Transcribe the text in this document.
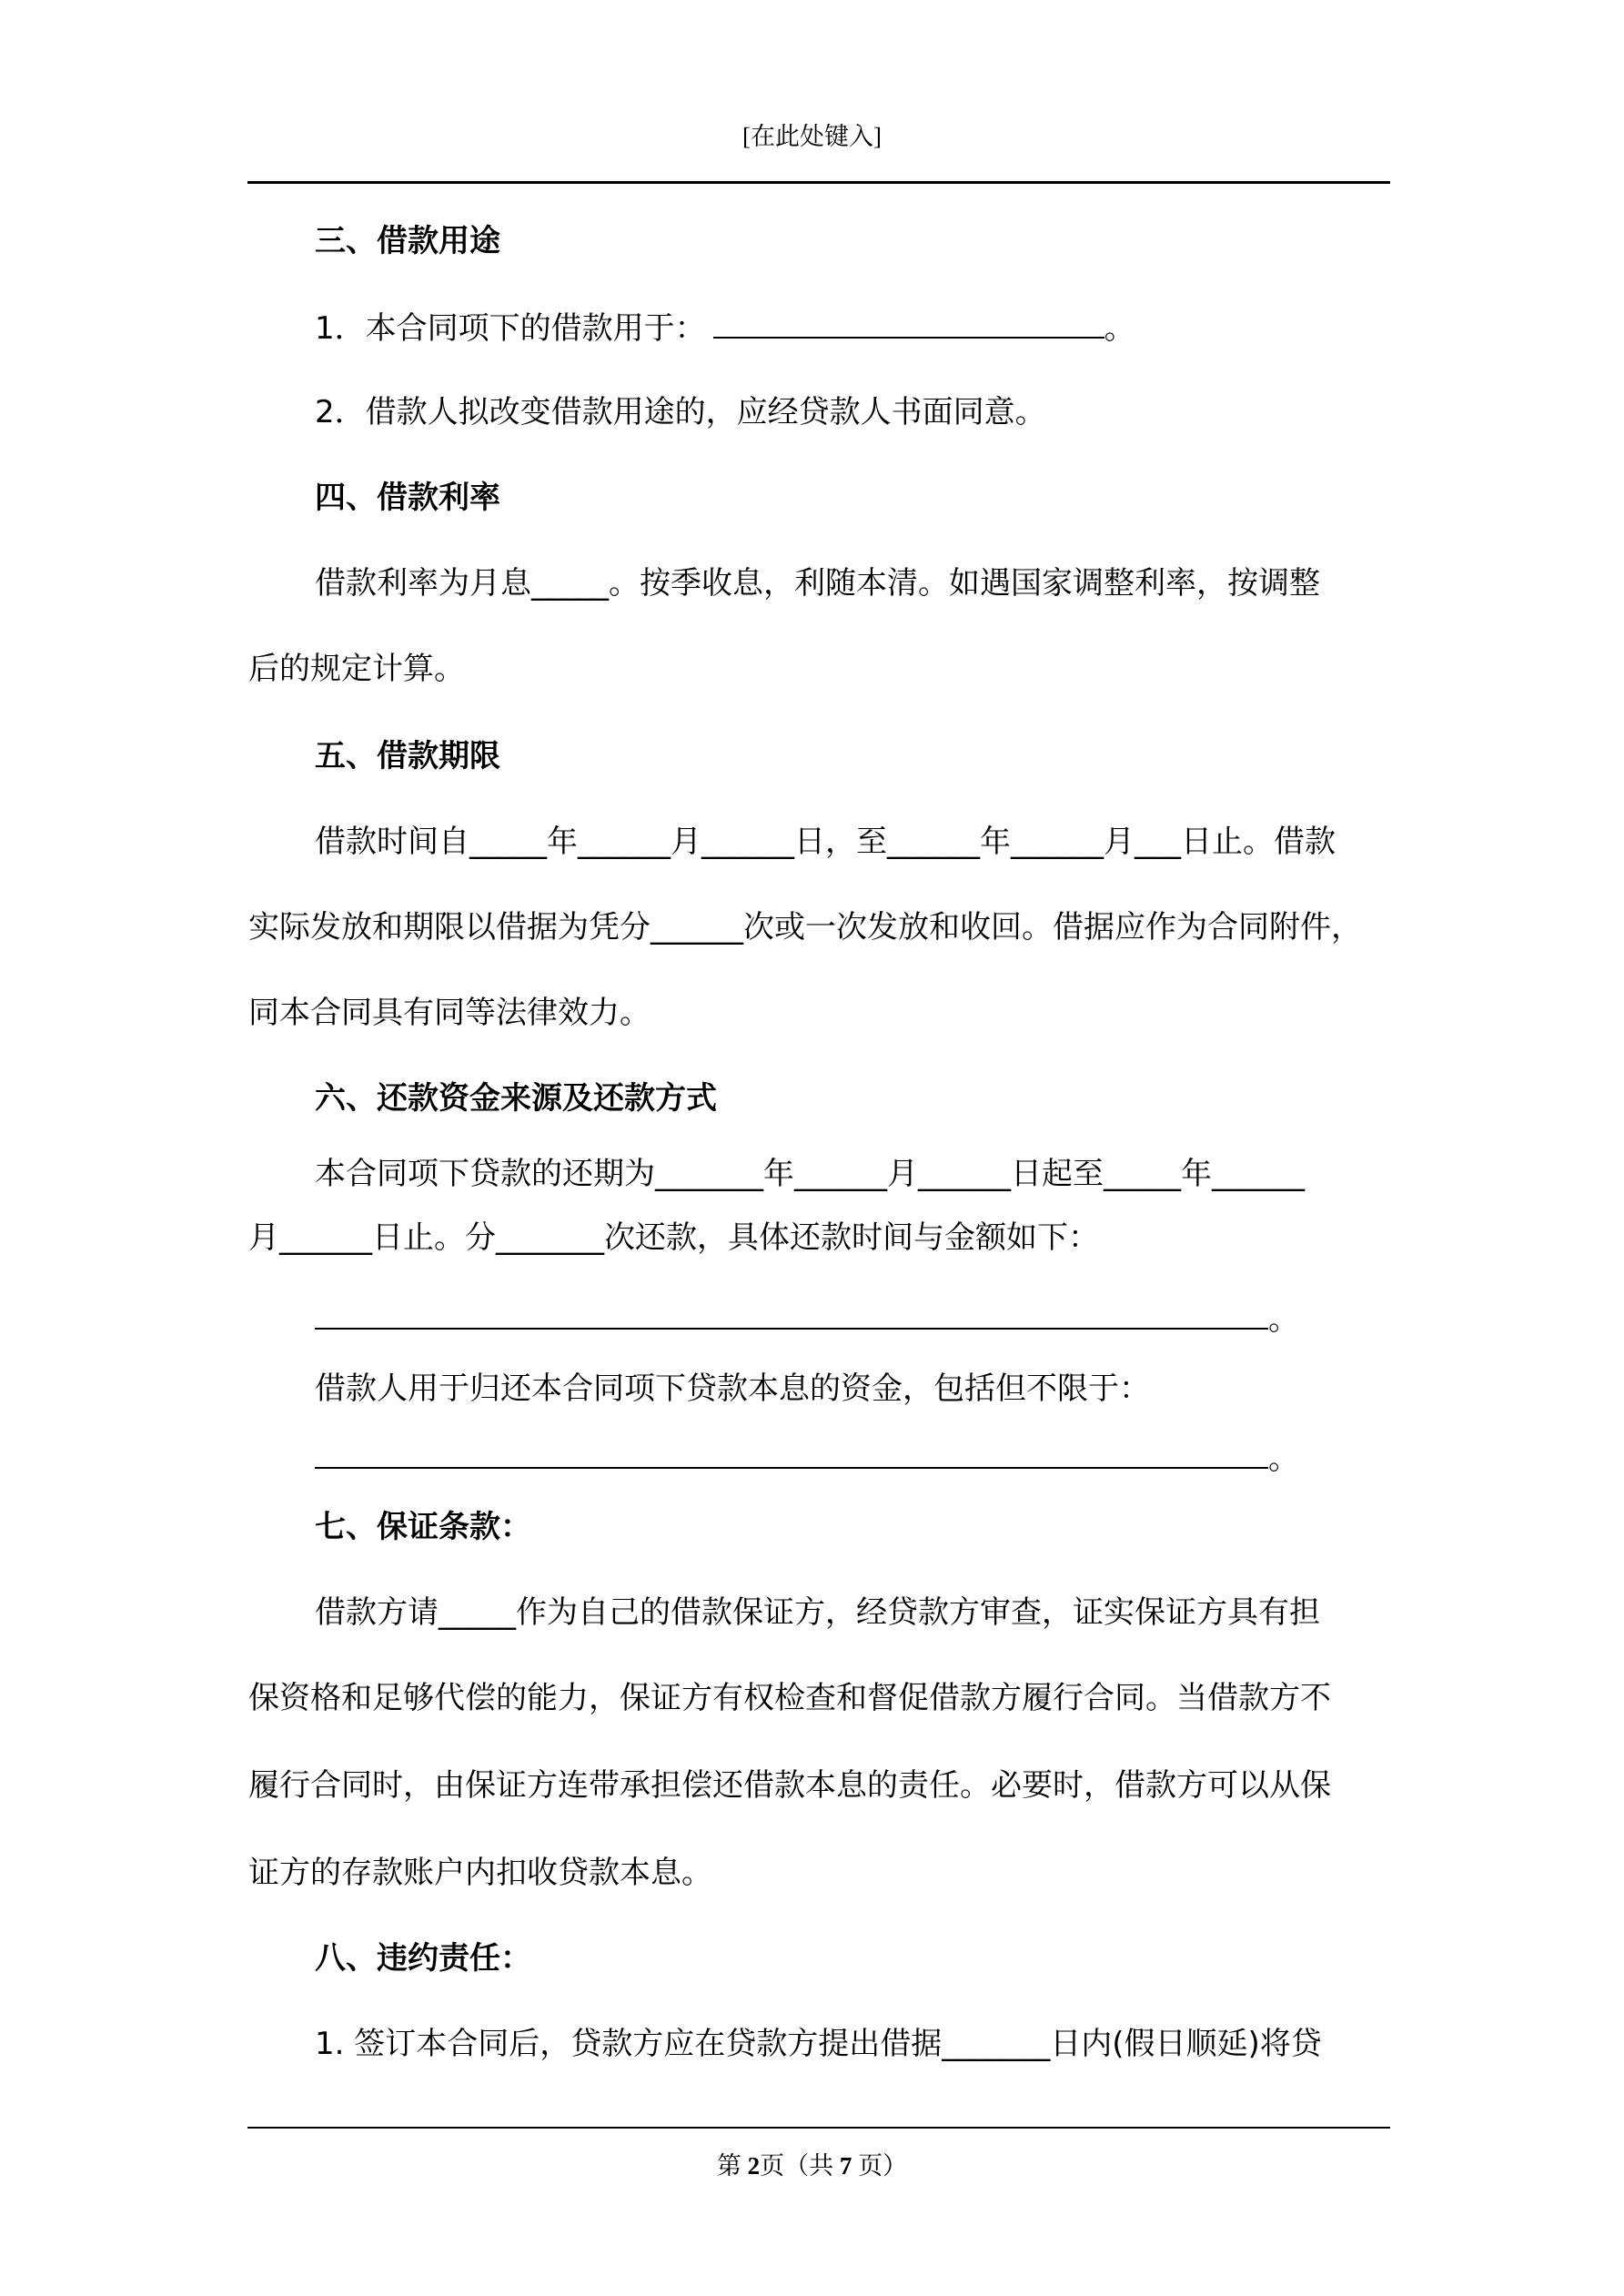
[在此处键入]
三、借款用途
1．本合同项下的借款用于：	。
2．借款人拟改变借款用途的，应经贷款人书面同意。
四、借款利率
借款利率为月息_____。按季收息，利随本清。如遇国家调整利率，按调整
后的规定计算。
五、借款期限
借款时间自_____年______月______日，至______年______月___日止。借款
实际发放和期限以借据为凭分______次或一次发放和收回。借据应作为合同附件，
同本合同具有同等法律效力。
六、还款资金来源及还款方式
本合同项下贷款的还期为_______年______月______日起至_____年______
月______日止。分_______次还款，具体还款时间与金额如下：
。
借款人用于归还本合同项下贷款本息的资金，包括但不限于：
。
七、保证条款：
借款方请_____作为自己的借款保证方，经贷款方审查，证实保证方具有担
保资格和足够代偿的能力，保证方有权检查和督促借款方履行合同。当借款方不
履行合同时，由保证方连带承担偿还借款本息的责任。必要时，借款方可以从保
证方的存款账户内扣收贷款本息。
八、违约责任：
1. 签订本合同后，贷款方应在贷款方提出借据_______日内(假日顺延)将贷
第 2页（共 7 页）
